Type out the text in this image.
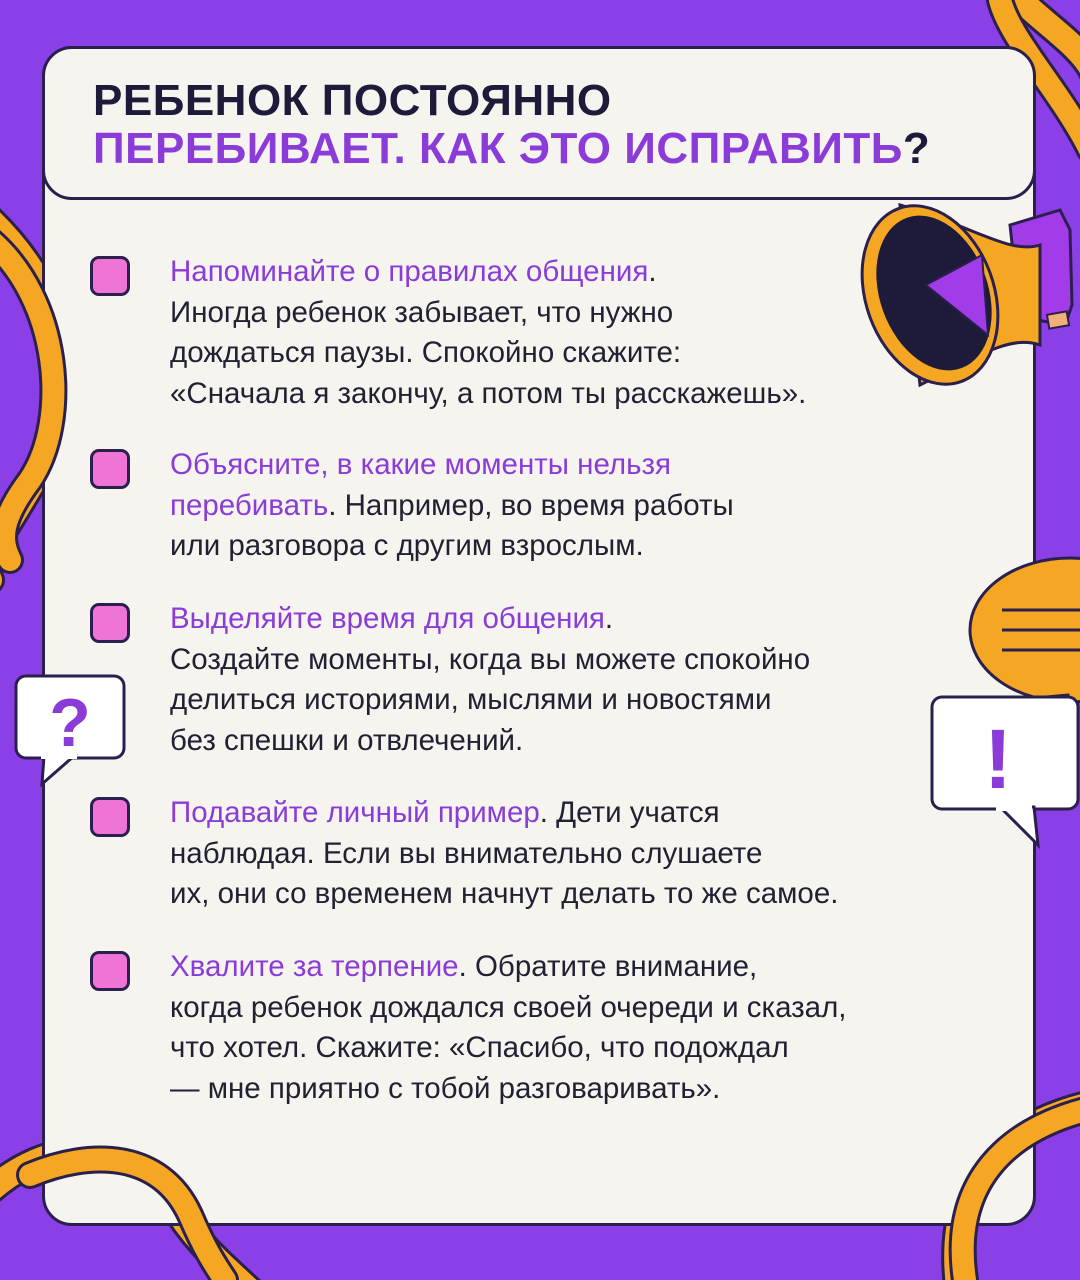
РЕБЕНОК ПОСТОЯННО
ПЕРЕБИВАЕТ. КАК ЭТО ИСПРАВИТЬ?
!
?
Напоминайте о правилах общения.
Иногда ребенок забывает, что нужно
дождаться паузы. Спокойно скажите:
«Сначала я закончу, а потом ты расскажешь».
Объясните, в какие моменты нельзя
перебивать. Например, во время работы
или разговора с другим взрослым.
Выделяйте время для общения.
Создайте моменты, когда вы можете спокойно
делиться историями, мыслями и новостями
без спешки и отвлечений.
Подавайте личный пример. Дети учатся
наблюдая. Если вы внимательно слушаете
их, они со временем начнут делать то же самое.
Хвалите за терпение. Обратите внимание,
когда ребенок дождался своей очереди и сказал,
что хотел. Скажите: «Спасибо, что подождал
— мне приятно с тобой разговаривать».
